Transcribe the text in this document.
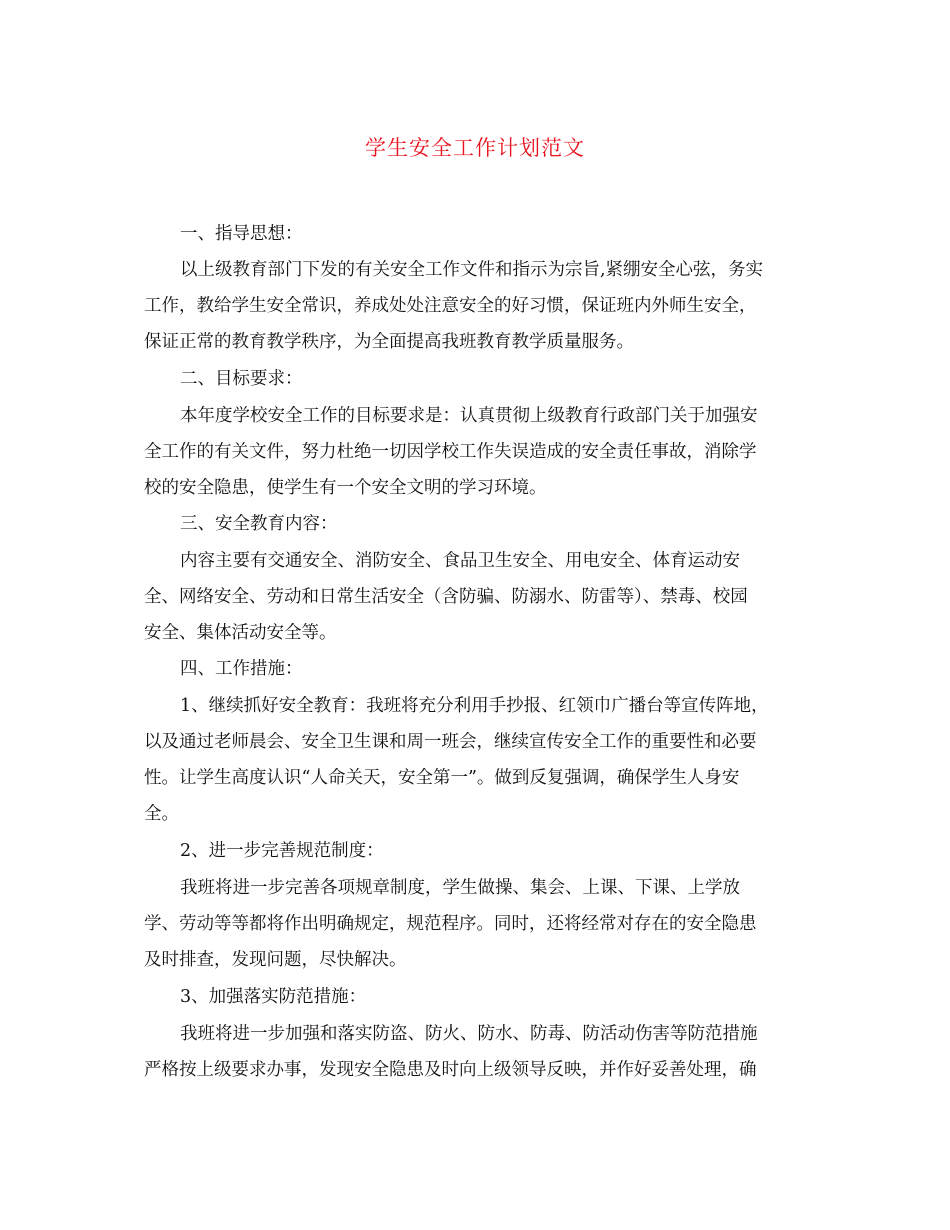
学生安全工作计划范文
一、指导思想：
以上级教育部门下发的有关安全工作文件和指示为宗旨,紧绷安全心弦，务实
工作，教给学生安全常识，养成处处注意安全的好习惯，保证班内外师生安全，
保证正常的教育教学秩序，为全面提高我班教育教学质量服务。
二、目标要求：
本年度学校安全工作的目标要求是：认真贯彻上级教育行政部门关于加强安
全工作的有关文件，努力杜绝一切因学校工作失误造成的安全责任事故，消除学
校的安全隐患，使学生有一个安全文明的学习环境。
三、安全教育内容：
内容主要有交通安全、消防安全、食品卫生安全、用电安全、体育运动安
全、网络安全、劳动和日常生活安全（含防骗、防溺水、防雷等）、禁毒、校园
安全、集体活动安全等。
四、工作措施：
1、继续抓好安全教育：我班将充分利用手抄报、红领巾广播台等宣传阵地，
以及通过老师晨会、安全卫生课和周一班会，继续宣传安全工作的重要性和必要
性。让学生高度认识“人命关天，安全第一”。做到反复强调，确保学生人身安
全。
2、进一步完善规范制度：
我班将进一步完善各项规章制度，学生做操、集会、上课、下课、上学放
学、劳动等等都将作出明确规定，规范程序。同时，还将经常对存在的安全隐患
及时排查，发现问题，尽快解决。
3、加强落实防范措施：
我班将进一步加强和落实防盗、防火、防水、防毒、防活动伤害等防范措施
严格按上级要求办事，发现安全隐患及时向上级领导反映，并作好妥善处理，确
